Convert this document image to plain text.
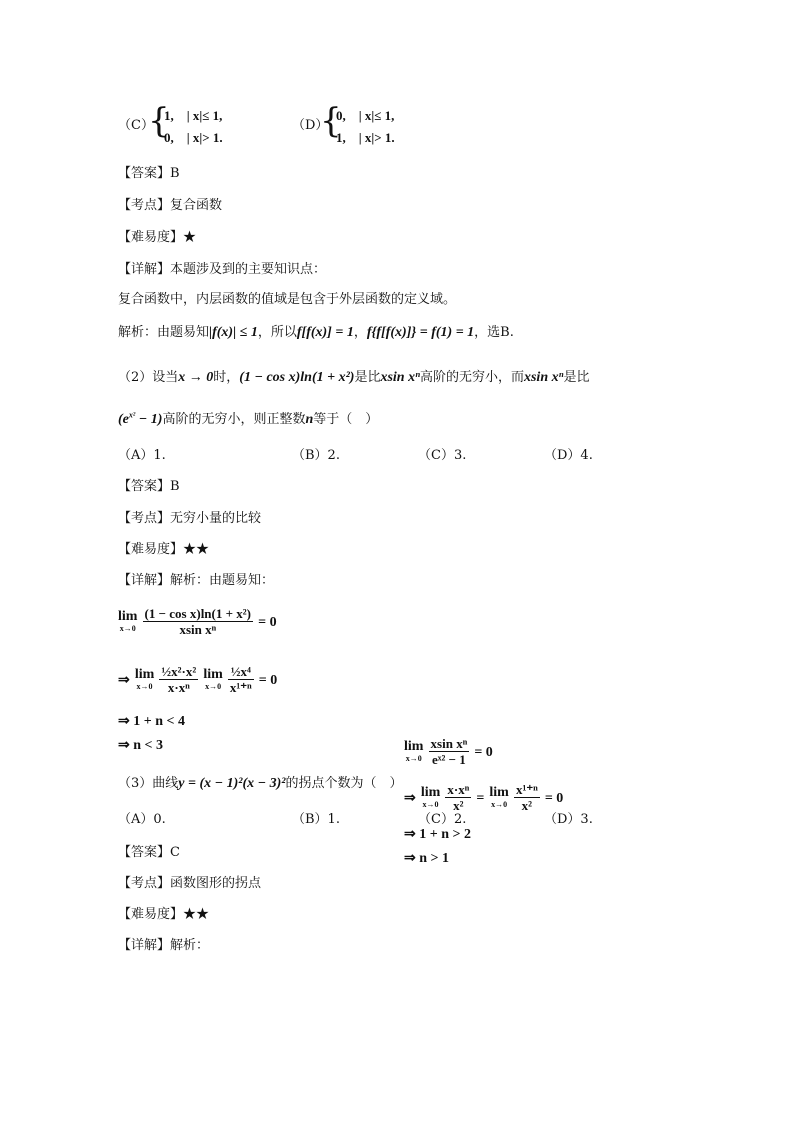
（C）
{
1,　| x|≤ 1,
0,　| x|> 1.
（D）
{
0,　| x|≤ 1,
1,　| x|> 1.
【答案】B
【考点】复合函数
【难易度】★
【详解】本题涉及到的主要知识点：
复合函数中，内层函数的值域是包含于外层函数的定义域。
解析：由题易知|f(x)| ≤ 1，所以f[f(x)] = 1，f{f[f(x)]} = f(1) = 1，选B.
（2）设当x → 0时，(1 − cos x)ln(1 + x²)是比xsin xⁿ高阶的无穷小，而xsin xⁿ是比
$(e^{x^2} - 1)$高阶的无穷小，则正整数n等于（　）
（A）1.	（B）2.	（C）3.	（D）4.
【答案】B
【考点】无穷小量的比较
【难易度】★★
【详解】解析：由题易知：
lim
x→0
$\frac{\text{(1 − cos x)ln(1 + x²)}}{\text{xsin xⁿ}} = 0$
⇒ lim
x→0
$\frac{\text{½x²·x²}}{\text{x·xⁿ}}$
lim
x→0
$\frac{\text{½x⁴}}{\text{x¹⁺ⁿ}} = 0$
⇒ 1 + n < 4
⇒ n < 3	lim
x→0
$\frac{\text{xsin xⁿ}}{\text{eˣ² − 1}} = 0$
（3）曲线y = (x − 1)²(x − 3)²的拐点个数为（　）
（A）0.	（B）1.	（C）2.	（D）3.
⇒ lim
x→0
$\frac{\text{x·xⁿ}}{\text{x²}} = \lim$
x→0
$\frac{\text{x¹⁺ⁿ}}{\text{x²}} = 0$
⇒ 1 + n > 2
⇒ n > 1
【答案】C
【考点】函数图形的拐点
【难易度】★★
【详解】解析：
